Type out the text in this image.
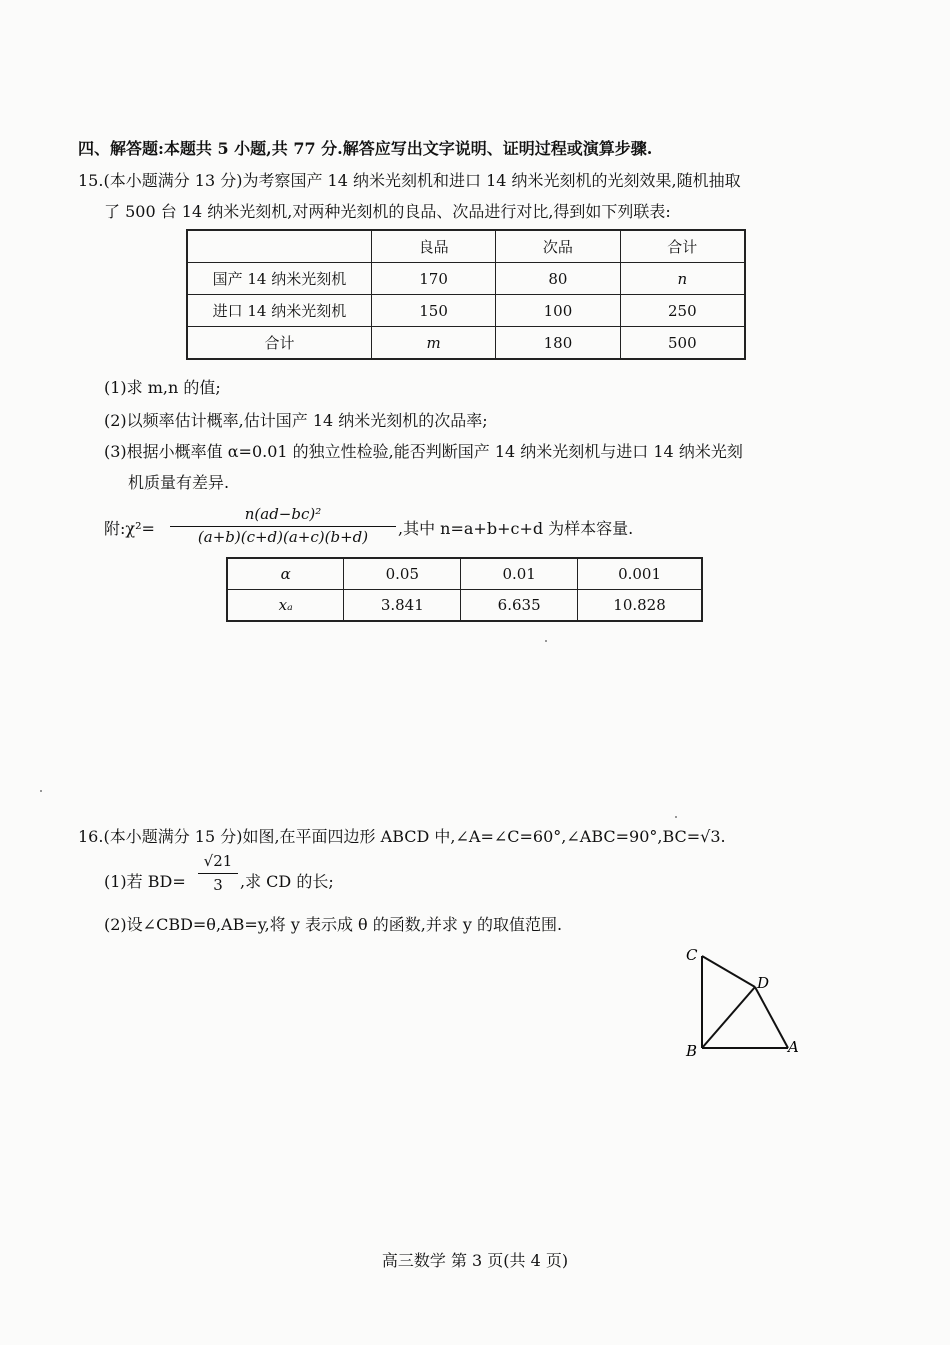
四、解答题:本题共 5 小题,共 77 分.解答应写出文字说明、证明过程或演算步骤.
15.(本小题满分 13 分)为考察国产 14 纳米光刻机和进口 14 纳米光刻机的光刻效果,随机抽取
了 500 台 14 纳米光刻机,对两种光刻机的良品、次品进行对比,得到如下列联表:
	良品	次品	合计
国产 14 纳米光刻机	170	80	n
进口 14 纳米光刻机	150	100	250
合计	m	180	500
(1)求 m,n 的值;
(2)以频率估计概率,估计国产 14 纳米光刻机的次品率;
(3)根据小概率值 α=0.01 的独立性检验,能否判断国产 14 纳米光刻机与进口 14 纳米光刻
机质量有差异.
附:χ²=
n(ad−bc)²
(a+b)(c+d)(a+c)(b+d)	,其中 n=a+b+c+d 为样本容量.
α	0.05	0.01	0.001
xₐ	3.841	6.635	10.828
16.(本小题满分 15 分)如图,在平面四边形 ABCD 中,∠A=∠C=60°,∠ABC=90°,BC=√3.
(1)若 BD=
√21
3	,求 CD 的长;
(2)设∠CBD=θ,AB=y,将 y 表示成 θ 的函数,并求 y 的取值范围.
C
D
B	A
高三数学 第 3 页(共 4 页)
